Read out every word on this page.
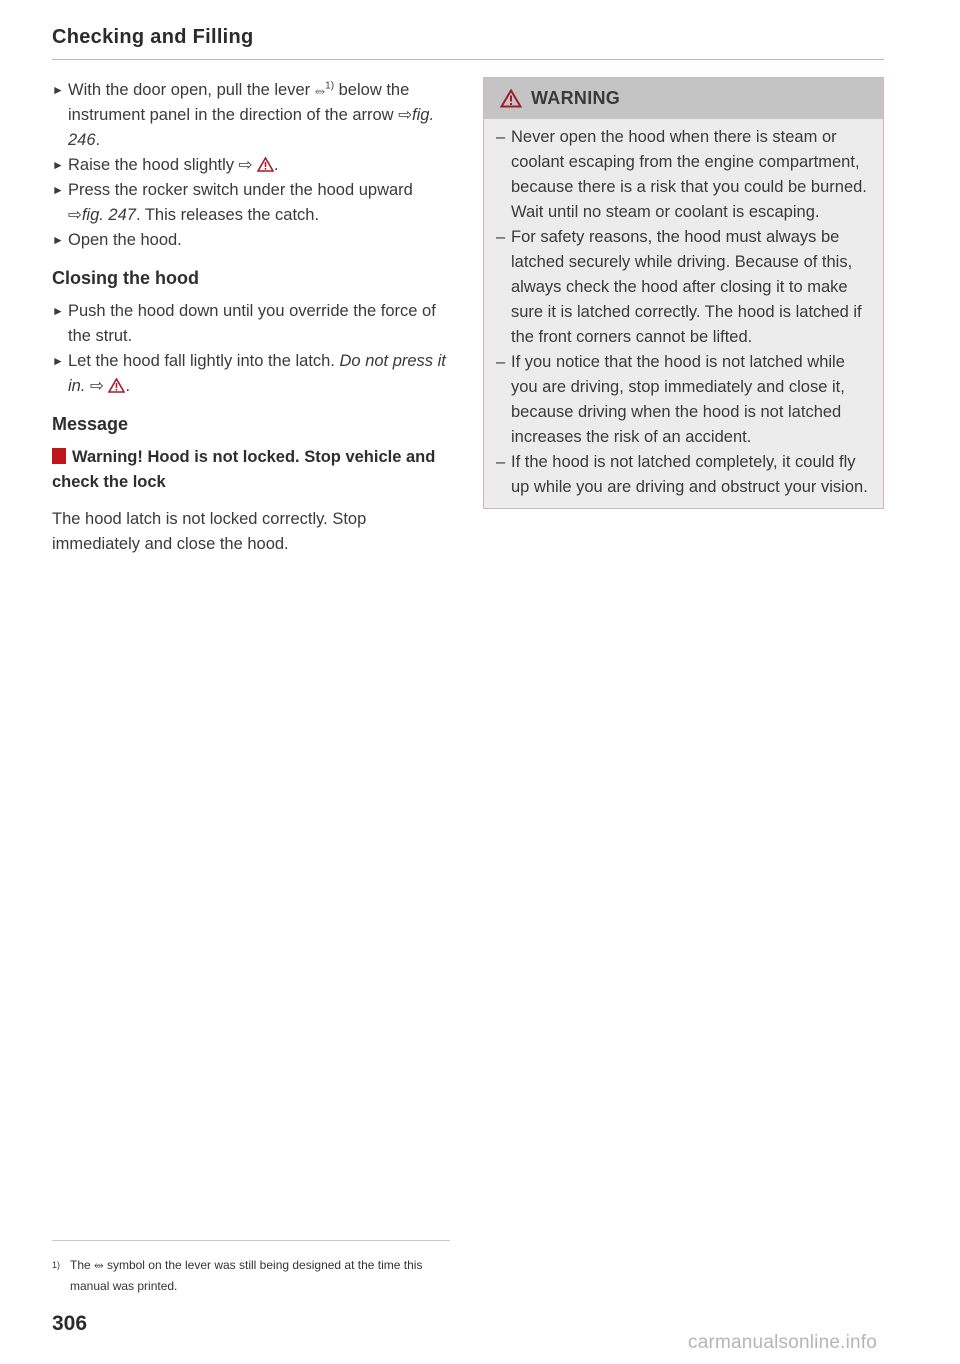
Checking and Filling
► With the door open, pull the lever ⥈$^{1)}$ below the instrument panel in the direction of the arrow ⇨fig. 246.
► Raise the hood slightly ⇨ .
► Press the rocker switch under the hood upward ⇨fig. 247. This releases the catch.
► Open the hood.
Closing the hood
► Push the hood down until you override the force of the strut.
► Let the hood fall lightly into the latch. Do not press it in. ⇨ .
Message
Warning! Hood is not locked. Stop vehicle and check the lock
The hood latch is not locked correctly. Stop immediately and close the hood.
WARNING
– Never open the hood when there is steam or coolant escaping from the engine compartment, because there is a risk that you could be burned. Wait until no steam or coolant is escaping.
– For safety reasons, the hood must always be latched securely while driving. Because of this, always check the hood after closing it to make sure it is latched correctly. The hood is latched if the front corners cannot be lifted.
– If you notice that the hood is not latched while you are driving, stop immediately and close it, because driving when the hood is not latched increases the risk of an accident.
– If the hood is not latched completely, it could fly up while you are driving and obstruct your vision.
1) The ⥈ symbol on the lever was still being designed at the time this manual was printed.
306
carmanualsonline.info
